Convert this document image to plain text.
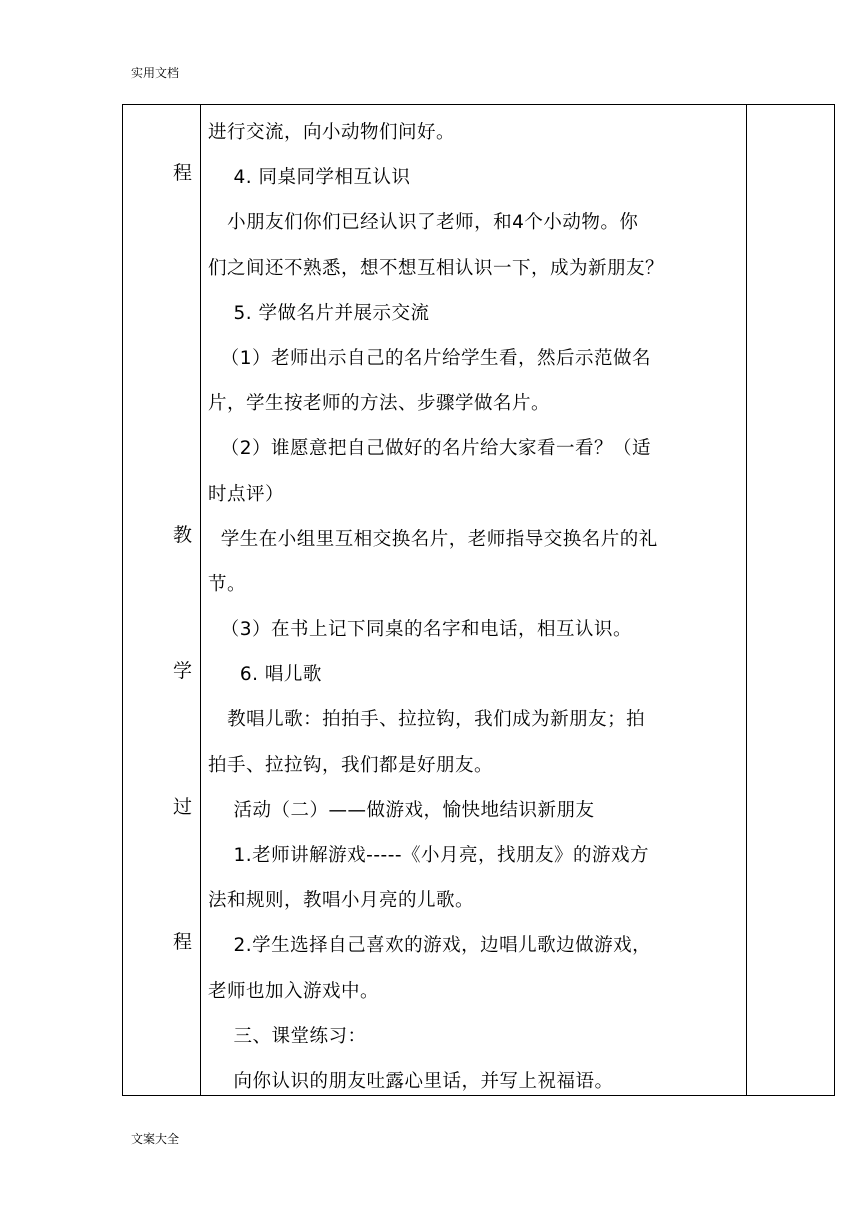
实用文档
程
教
学
过
程
进行交流，向小动物们问好。
4. 同桌同学相互认识
小朋友们你们已经认识了老师，和4个小动物。你
们之间还不熟悉，想不想互相认识一下，成为新朋友？
5. 学做名片并展示交流
（1）老师出示自己的名片给学生看，然后示范做名
片，学生按老师的方法、步骤学做名片。
（2）谁愿意把自己做好的名片给大家看一看？（适
时点评）
学生在小组里互相交换名片，老师指导交换名片的礼
节。
（3）在书上记下同桌的名字和电话，相互认识。
6. 唱儿歌
教唱儿歌：拍拍手、拉拉钩，我们成为新朋友；拍
拍手、拉拉钩，我们都是好朋友。
活动（二）——做游戏，愉快地结识新朋友
1.老师讲解游戏-----《小月亮，找朋友》的游戏方
法和规则，教唱小月亮的儿歌。
2.学生选择自己喜欢的游戏，边唱儿歌边做游戏，
老师也加入游戏中。
三、课堂练习：
向你认识的朋友吐露心里话，并写上祝福语。
文案大全
